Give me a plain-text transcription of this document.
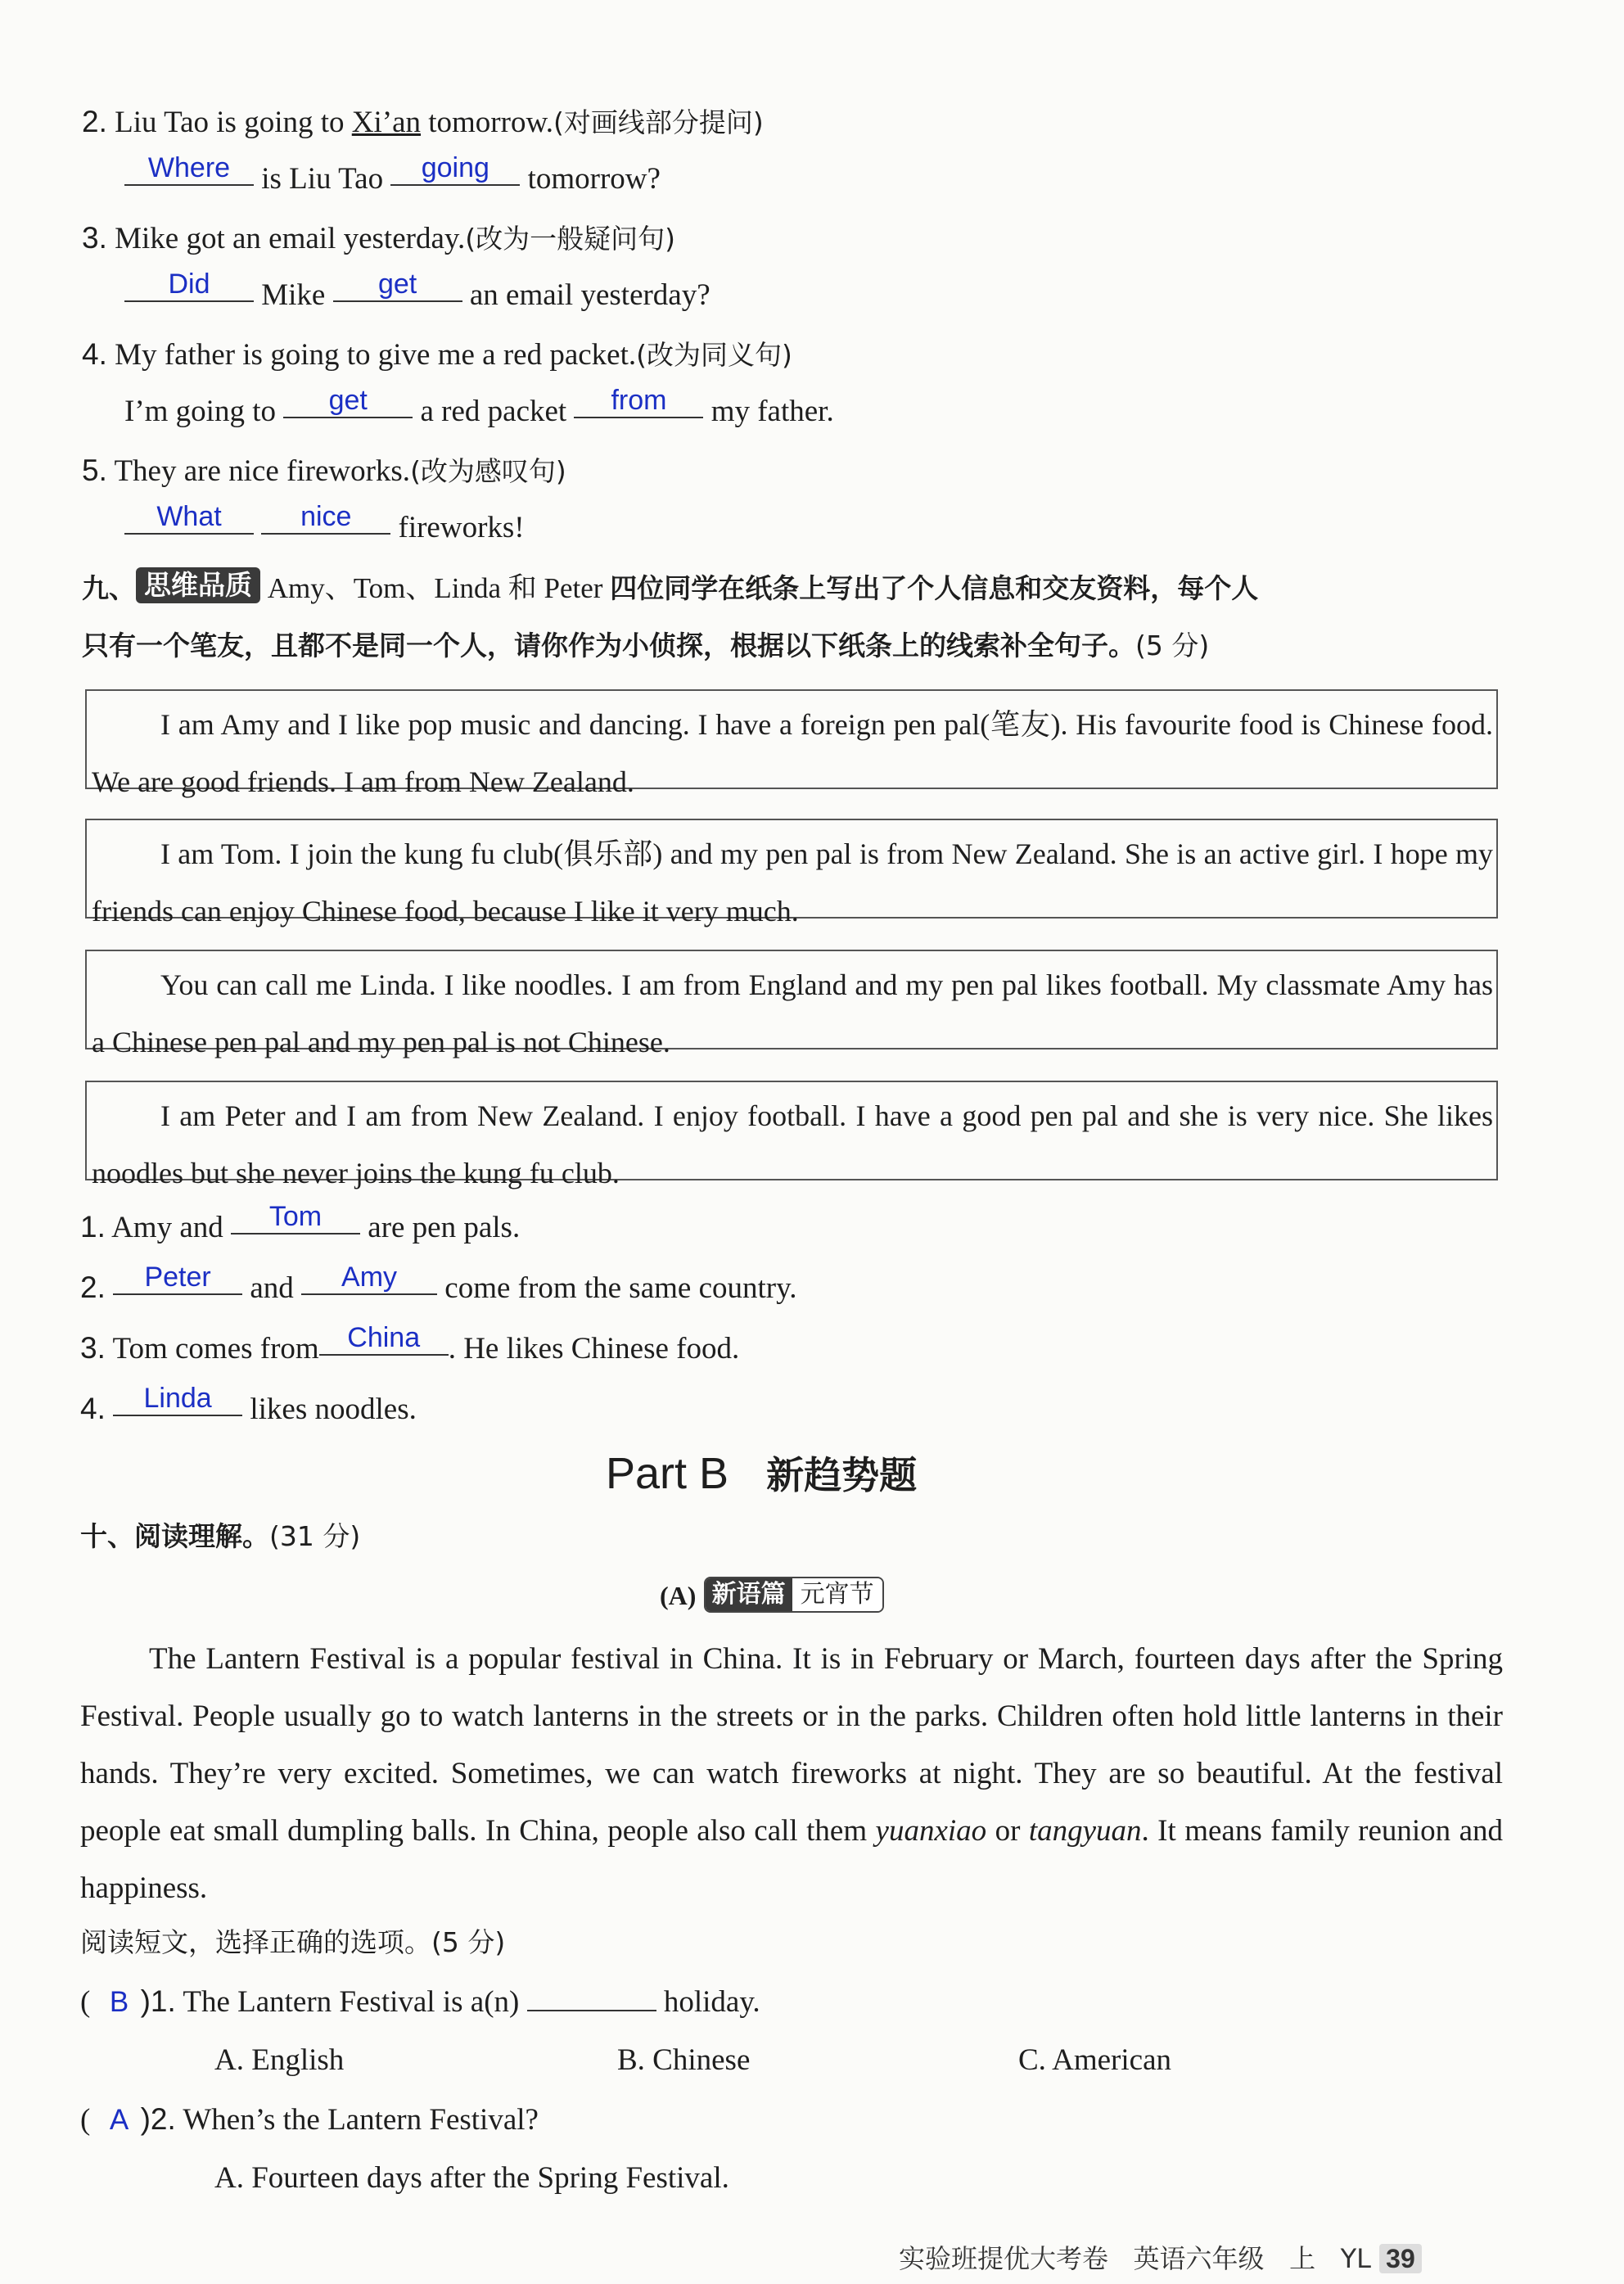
2. Liu Tao is going to Xi’an tomorrow.(对画线部分提问)
Where is Liu Tao going tomorrow?
3. Mike got an email yesterday.(改为一般疑问句)
Did Mike get an email yesterday?
4. My father is going to give me a red packet.(改为同义句)
I’m going to get a red packet from my father.
5. They are nice fireworks.(改为感叹句)
What	nice fireworks!
九、 思维品质 Amy、Tom、Linda 和 Peter 四位同学在纸条上写出了个人信息和交友资料，每个人
只有一个笔友，且都不是同一个人，请你作为小侦探，根据以下纸条上的线索补全句子。(5 分)
I am Amy and I like pop music and dancing. I have a foreign pen pal(笔友). His favourite food is Chinese food. We are good friends. I am from New Zealand.
I am Tom. I join the kung fu club(俱乐部) and my pen pal is from New Zealand. She is an active girl. I hope my friends can enjoy Chinese food, because I like it very much.
You can call me Linda. I like noodles. I am from England and my pen pal likes football. My classmate Amy has a Chinese pen pal and my pen pal is not Chinese.
I am Peter and I am from New Zealand. I enjoy football. I have a good pen pal and she is very nice. She likes noodles but she never joins the kung fu club.
1. Amy and Tom are pen pals.
2. Peter and Amy come from the same country.
3. Tom comes from China . He likes Chinese food.
4. Linda likes noodles.
Part B 新趋势题
十、阅读理解。(31 分)
(A) 新语篇 元宵节
The Lantern Festival is a popular festival in China. It is in February or March, fourteen days after the Spring Festival. People usually go to watch lanterns in the streets or in the parks. Children often hold little lanterns in their hands. They’re very excited. Sometimes, we can watch fireworks at night. They are so beautiful. At the festival people eat small dumpling balls. In China, people also call them yuanxiao or tangyuan. It means family reunion and happiness.
阅读短文，选择正确的选项。(5 分)
( B )1. The Lantern Festival is a(n)	holiday.
A. English	B. Chinese	C. American
( A )2. When’s the Lantern Festival?
A. Fourteen days after the Spring Festival.
实验班提优大考卷 英语六年级 上 YL 39
